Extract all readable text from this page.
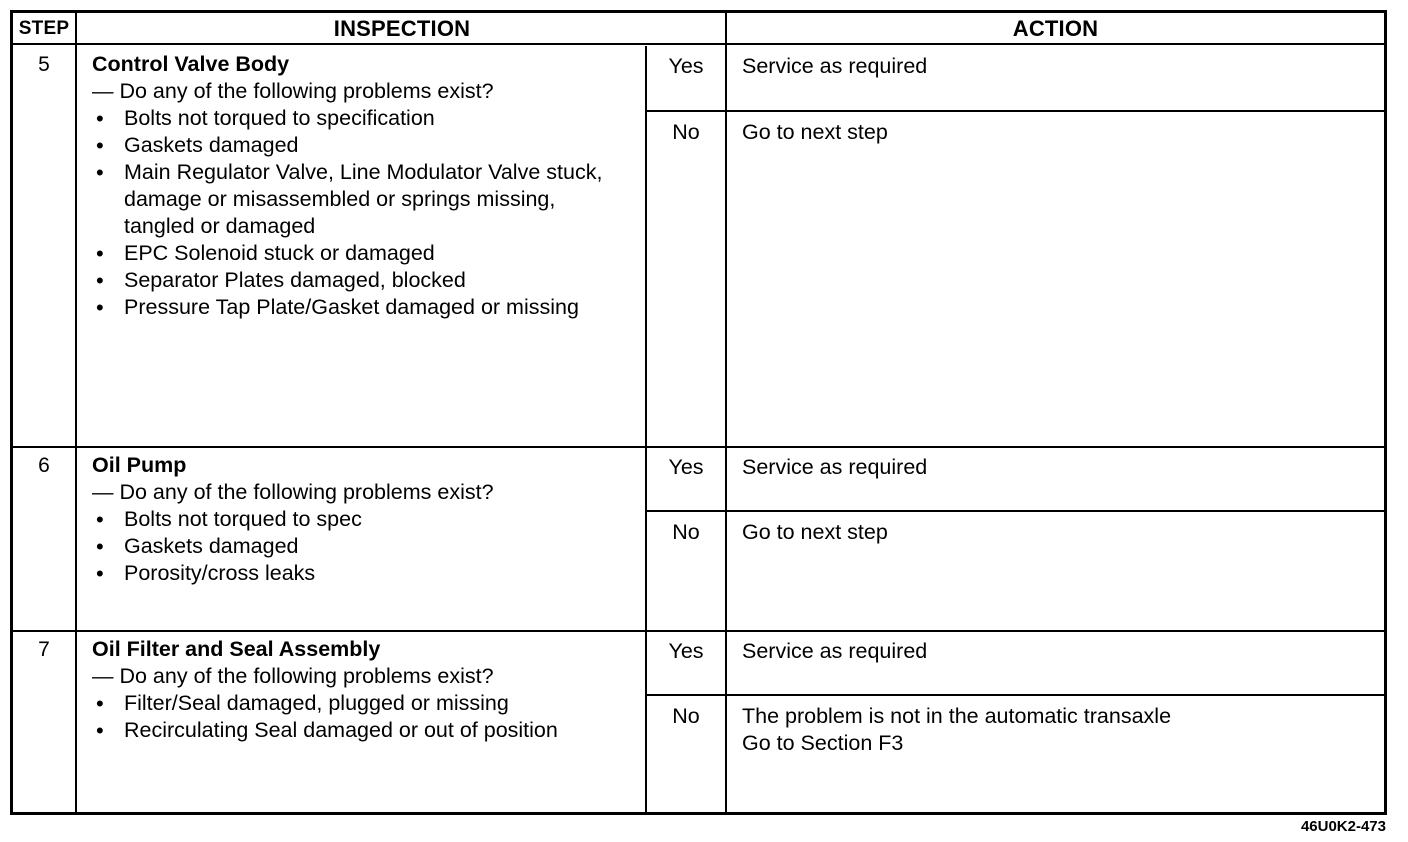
STEP	INSPECTION	ACTION
5	Control Valve Body
— Do any of the following problems exist?
• Bolts not torqued to specification
• Gaskets damaged
• Main Regulator Valve, Line Modulator Valve stuck, damage or misassembled or springs missing, tangled or damaged
• EPC Solenoid stuck or damaged
• Separator Plates damaged, blocked
• Pressure Tap Plate/Gasket damaged or missing
Yes	Service as required
No	Go to next step
6	Oil Pump
— Do any of the following problems exist?
• Bolts not torqued to spec
• Gaskets damaged
• Porosity/cross leaks
Yes	Service as required
No	Go to next step
7	Oil Filter and Seal Assembly
— Do any of the following problems exist?
• Filter/Seal damaged, plugged or missing
• Recirculating Seal damaged or out of position
Yes	Service as required
No	The problem is not in the automatic transaxle
Go to Section F3
46U0K2-473
